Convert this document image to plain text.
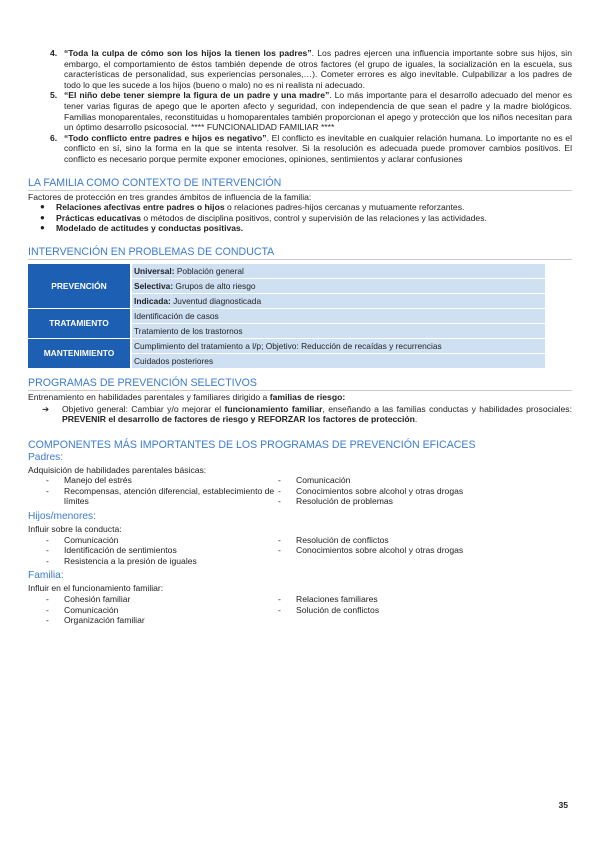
4. “Toda la culpa de cómo son los hijos la tienen los padres”. Los padres ejercen una influencia importante sobre sus hijos, sin embargo, el comportamiento de éstos también depende de otros factores (el grupo de iguales, la socialización en la escuela, sus características de personalidad, sus experiencias personales,…). Cometer errores es algo inevitable. Culpabilizar a los padres de todo lo que les sucede a los hijos (bueno o malo) no es ni realista ni adecuado.
5. “El niño debe tener siempre la figura de un padre y una madre”. Lo más importante para el desarrollo adecuado del menor es tener varias figuras de apego que le aporten afecto y seguridad, con independencia de que sean el padre y la madre biológicos. Familias monoparentales, reconstituidas u homoparentales también proporcionan el apego y protección que los niños necesitan para un óptimo desarrollo psicosocial. **** FUNCIONALIDAD FAMILIAR ****
6. “Todo conflicto entre padres e hijos es negativo”. El conflicto es inevitable en cualquier relación humana. Lo importante no es el conflicto en sí, sino la forma en la que se intenta resolver. Si la resolución es adecuada puede promover cambios positivos. El conflicto es necesario porque permite exponer emociones, opiniones, sentimientos y aclarar confusiones
LA FAMILIA COMO CONTEXTO DE INTERVENCIÓN
Factores de protección en tres grandes ámbitos de influencia de la familia:
● Relaciones afectivas entre padres o hijos o relaciones padres-hijos cercanas y mutuamente reforzantes.
● Prácticas educativas o métodos de disciplina positivos, control y supervisión de las relaciones y las actividades.
● Modelado de actitudes y conductas positivas.
INTERVENCIÓN EN PROBLEMAS DE CONDUCTA
PREVENCIÓN	Universal: Población general
	Selectiva: Grupos de alto riesgo
	Indicada: Juventud diagnosticada
TRATAMIENTO	Identificación de casos
	Tratamiento de los trastornos
MANTENIMIENTO	Cumplimiento del tratamiento a l/p; Objetivo: Reducción de recaídas y recurrencias
	Cuidados posteriores
PROGRAMAS DE PREVENCIÓN SELECTIVOS
Entrenamiento en habilidades parentales y familiares dirigido a familias de riesgo:
➔ Objetivo general: Cambiar y/o mejorar el funcionamiento familiar, enseñando a las familias conductas y habilidades prosociales: PREVENIR el desarrollo de factores de riesgo y REFORZAR los factores de protección.
COMPONENTES MÁS IMPORTANTES DE LOS PROGRAMAS DE PREVENCIÓN EFICACES
Padres:
Adquisición de habilidades parentales básicas:
- Manejo del estrés
- Recompensas, atención diferencial, establecimiento de límites
- Comunicación
- Conocimientos sobre alcohol y otras drogas
- Resolución de problemas
Hijos/menores:
Influir sobre la conducta:
- Comunicación
- Identificación de sentimientos
- Resistencia a la presión de iguales
- Resolución de conflictos
- Conocimientos sobre alcohol y otras drogas
Familia:
Influir en el funcionamiento familiar:
- Cohesión familiar
- Comunicación
- Organización familiar
- Relaciones familiares
- Solución de conflictos
35
